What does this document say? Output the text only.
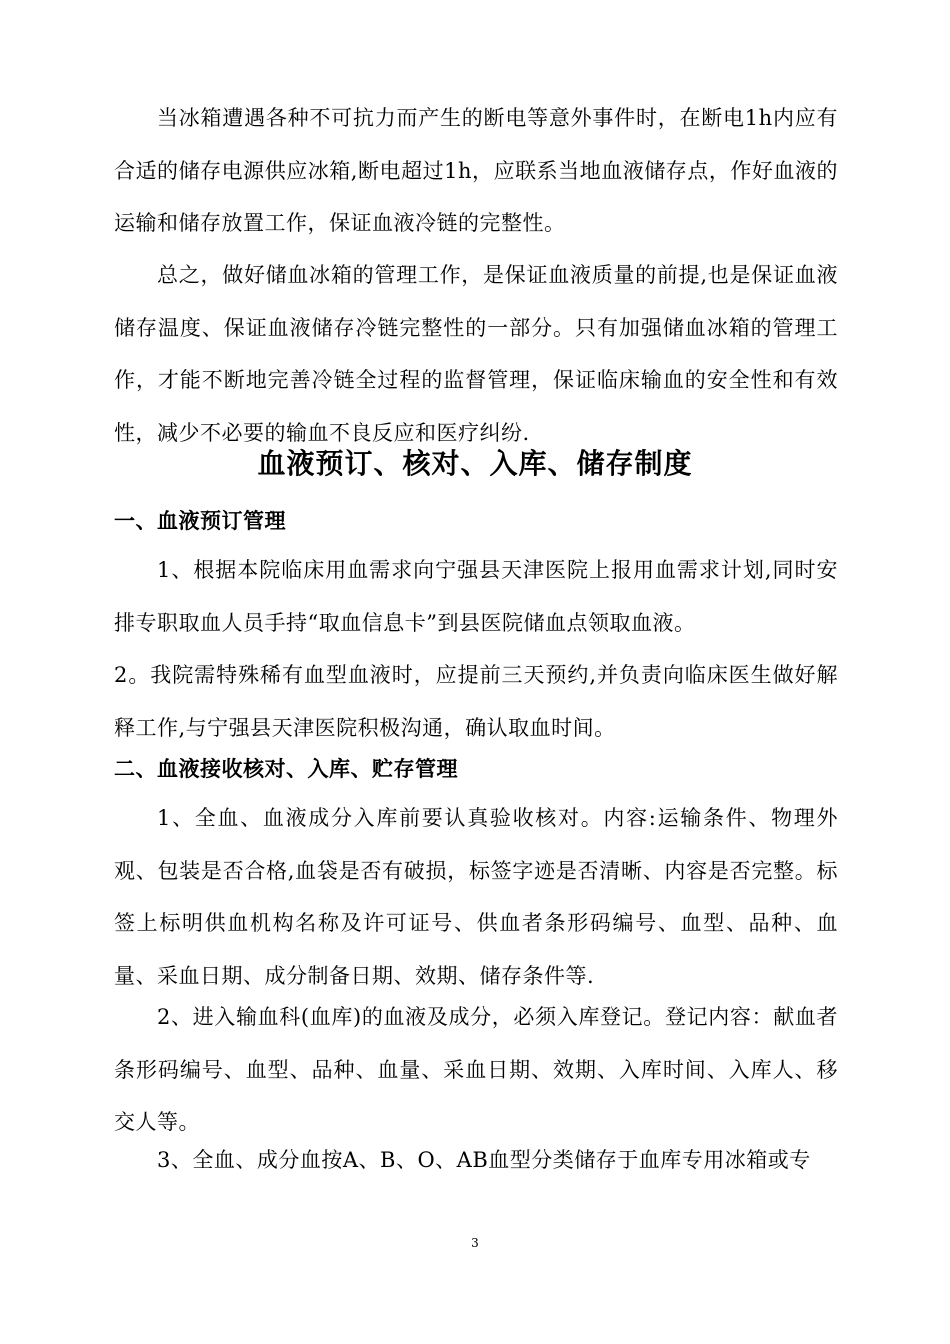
当冰箱遭遇各种不可抗力而产生的断电等意外事件时，在断电1h内应有合适的储存电源供应冰箱,断电超过1h，应联系当地血液储存点，作好血液的运输和储存放置工作，保证血液冷链的完整性。

总之，做好储血冰箱的管理工作，是保证血液质量的前提,也是保证血液储存温度、保证血液储存冷链完整性的一部分。只有加强储血冰箱的管理工作，才能不断地完善冷链全过程的监督管理，保证临床输血的安全性和有效性，减少不必要的输血不良反应和医疗纠纷.

血液预订、核对、入库、储存制度
一、血液预订管理

1、根据本院临床用血需求向宁强县天津医院上报用血需求计划,同时安排专职取血人员手持“取血信息卡”到县医院储血点领取血液。

2。我院需特殊稀有血型血液时，应提前三天预约,并负责向临床医生做好解释工作,与宁强县天津医院积极沟通，确认取血时间。

二、血液接收核对、入库、贮存管理

1、全血、血液成分入库前要认真验收核对。内容:运输条件、物理外观、包装是否合格,血袋是否有破损，标签字迹是否清晰、内容是否完整。标签上标明供血机构名称及许可证号、供血者条形码编号、血型、品种、血量、采血日期、成分制备日期、效期、储存条件等.

2、进入输血科(血库)的血液及成分，必须入库登记。登记内容：献血者条形码编号、血型、品种、血量、采血日期、效期、入库时间、入库人、移交人等。

3、全血、成分血按A、B、O、AB血型分类储存于血库专用冰箱或专

3
